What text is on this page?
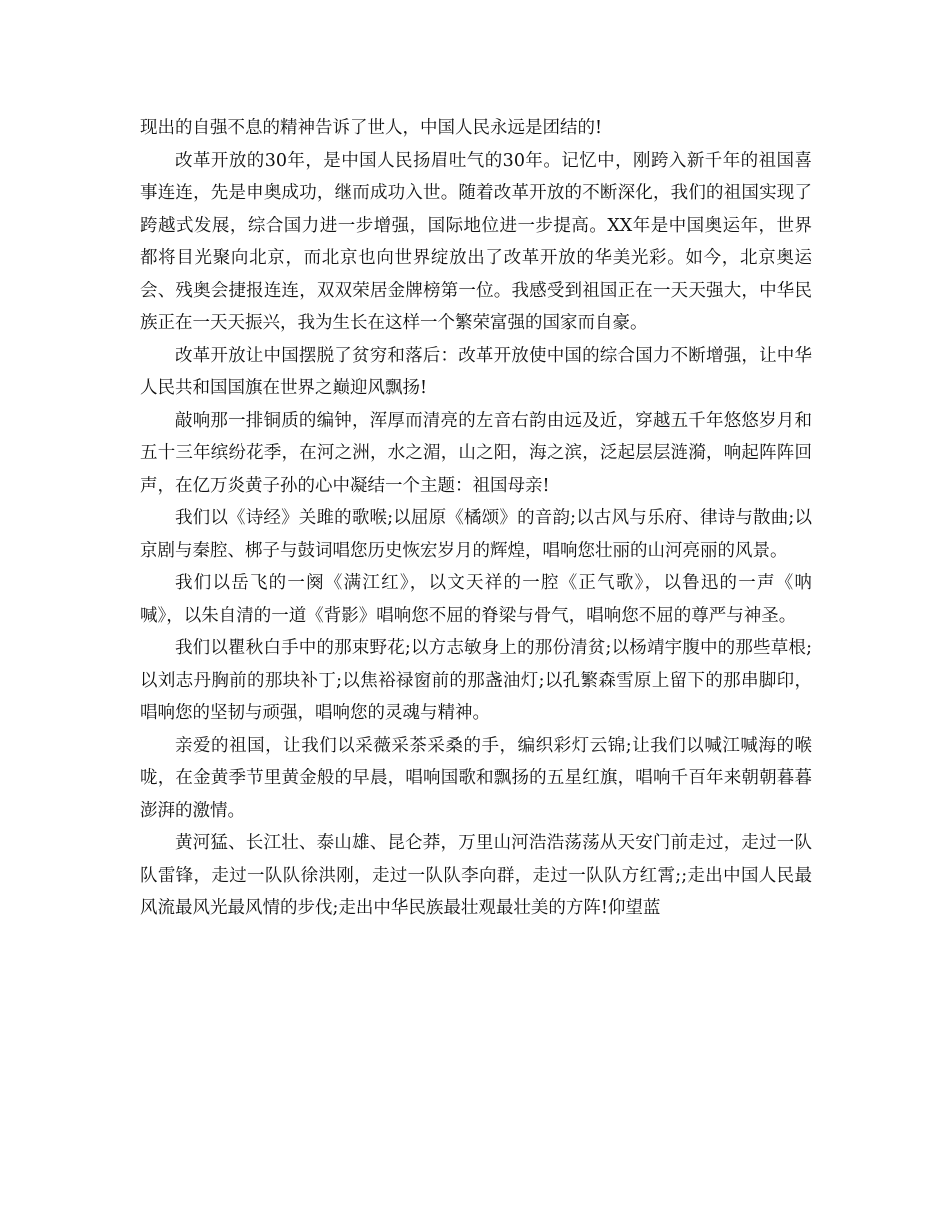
现出的自强不息的精神告诉了世人，中国人民永远是团结的!

改革开放的30年，是中国人民扬眉吐气的30年。记忆中，刚跨入新千年的祖国喜事连连，先是申奥成功，继而成功入世。随着改革开放的不断深化，我们的祖国实现了跨越式发展，综合国力进一步增强，国际地位进一步提高。XX年是中国奥运年，世界都将目光聚向北京，而北京也向世界绽放出了改革开放的华美光彩。如今，北京奥运会、残奥会捷报连连，双双荣居金牌榜第一位。我感受到祖国正在一天天强大，中华民族正在一天天振兴，我为生长在这样一个繁荣富强的国家而自豪。

改革开放让中国摆脱了贫穷和落后：改革开放使中国的综合国力不断增强，让中华人民共和国国旗在世界之巅迎风飘扬!

敲响那一排铜质的编钟，浑厚而清亮的左音右韵由远及近，穿越五千年悠悠岁月和五十三年缤纷花季，在河之洲，水之湄，山之阳，海之滨，泛起层层涟漪，响起阵阵回声，在亿万炎黄子孙的心中凝结一个主题：祖国母亲!

我们以《诗经》关雎的歌喉;以屈原《橘颂》的音韵;以古风与乐府、律诗与散曲;以京剧与秦腔、梆子与鼓词唱您历史恢宏岁月的辉煌，唱响您壮丽的山河亮丽的风景。

我们以岳飞的一阕《满江红》，以文天祥的一腔《正气歌》，以鲁迅的一声《呐喊》，以朱自清的一道《背影》唱响您不屈的脊梁与骨气，唱响您不屈的尊严与神圣。

我们以瞿秋白手中的那束野花;以方志敏身上的那份清贫;以杨靖宇腹中的那些草根;以刘志丹胸前的那块补丁;以焦裕禄窗前的那盏油灯;以孔繁森雪原上留下的那串脚印，唱响您的坚韧与顽强，唱响您的灵魂与精神。

亲爱的祖国，让我们以采薇采茶采桑的手，编织彩灯云锦;让我们以喊江喊海的喉咙，在金黄季节里黄金般的早晨，唱响国歌和飘扬的五星红旗，唱响千百年来朝朝暮暮澎湃的激情。

黄河猛、长江壮、泰山雄、昆仑莽，万里山河浩浩荡荡从天安门前走过，走过一队队雷锋，走过一队队徐洪刚，走过一队队李向群，走过一队队方红霄;;走出中国人民最风流最风光最风情的步伐;走出中华民族最壮观最壮美的方阵!仰望蓝
